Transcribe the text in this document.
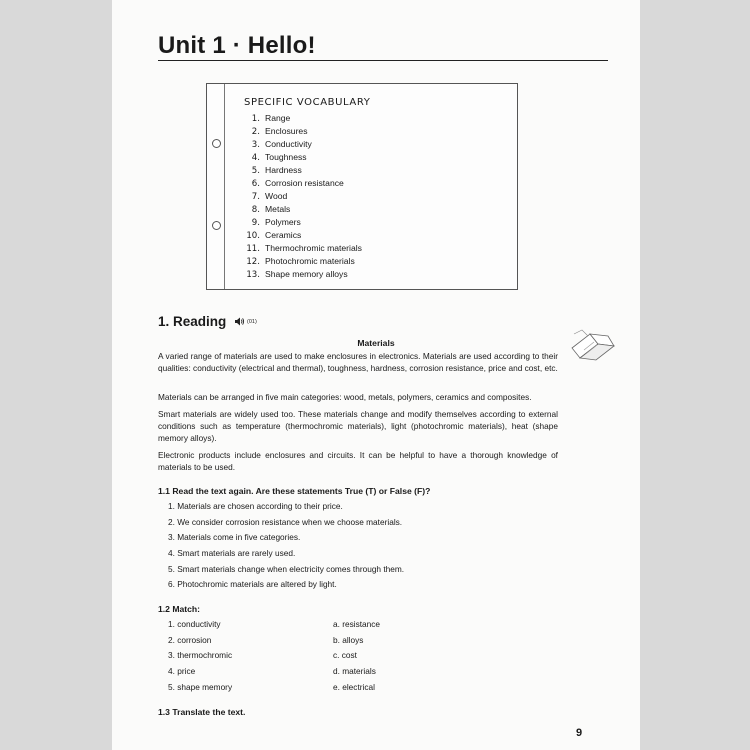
Unit 1 · Hello!
SPECIFIC VOCABULARY
1. Range
2. Enclosures
3. Conductivity
4. Toughness
5. Hardness
6. Corrosion resistance
7. Wood
8. Metals
9. Polymers
10. Ceramics
11. Thermochromic materials
12. Photochromic materials
13. Shape memory alloys
1. Reading	(01)
Materials

A varied range of materials are used to make enclosures in electronics. Materials are used according to their qualities: conductivity (electrical and thermal), toughness, hardness, corrosion resistance, price and cost, etc.

Materials can be arranged in five main categories: wood, metals, polymers, ceramics and composites.

Smart materials are widely used too. These materials change and modify themselves according to external conditions such as temperature (thermochromic materials), light (photochromic materials), heat (shape memory alloys).

Electronic products include enclosures and circuits. It can be helpful to have a thorough knowledge of materials to be used.

1.1 Read the text again. Are these statements True (T) or False (F)?
1. Materials are chosen according to their price.
2. We consider corrosion resistance when we choose materials.
3. Materials come in five categories.
4. Smart materials are rarely used.
5. Smart materials change when electricity comes through them.
6. Photochromic materials are altered by light.
1.2 Match:
1. conductivity
2. corrosion
3. thermochromic
4. price
5. shape memory
a. resistance
b. alloys
c. cost
d. materials
e. electrical
1.3 Translate the text.
9
